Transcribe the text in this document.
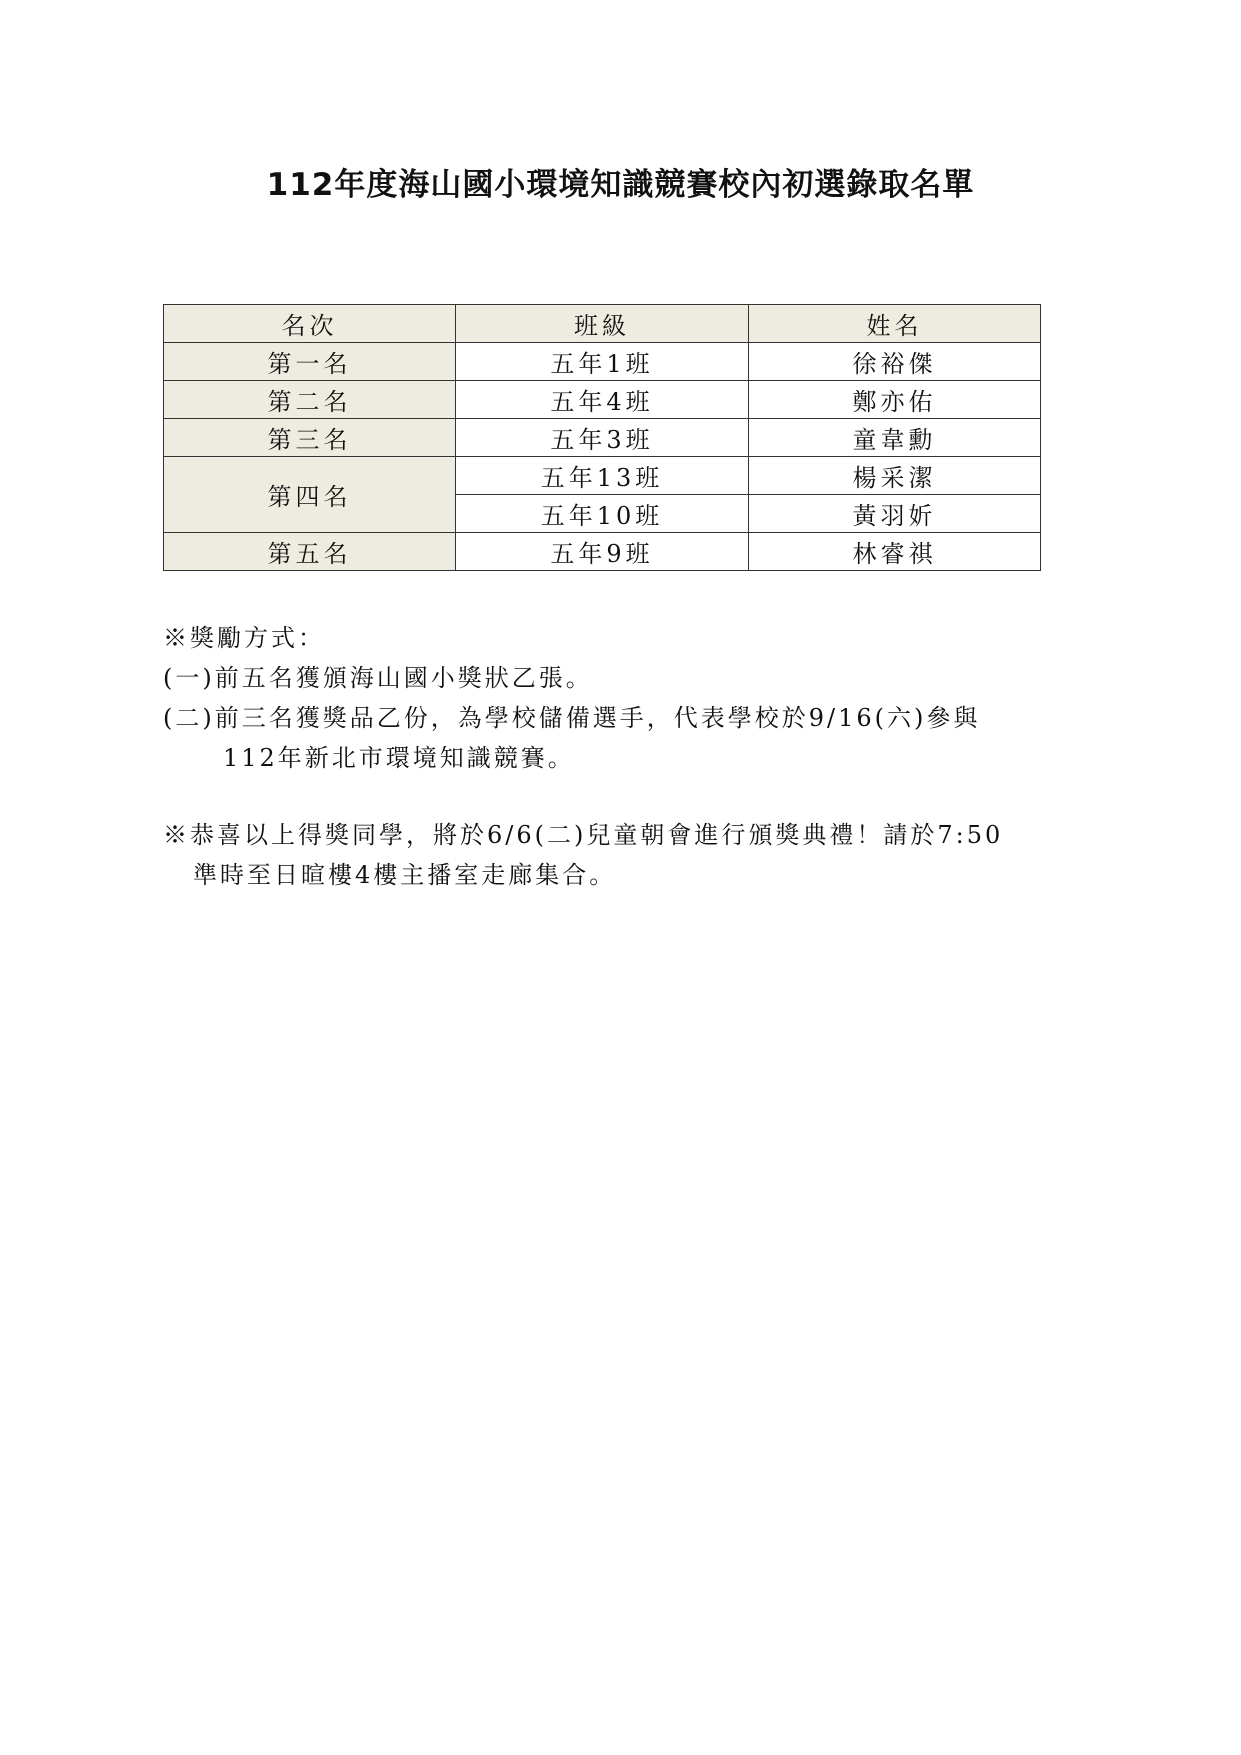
112年度海山國小環境知識競賽校內初選錄取名單
名次	班級	姓名
第一名	五年1班	徐裕傑
第二名	五年4班	鄭亦佑
第三名	五年3班	童韋勳
第四名	五年13班	楊采潔
	五年10班	黃羽妡
第五名	五年9班	林睿祺

※獎勵方式：

(一)前五名獲頒海山國小獎狀乙張。

(二)前三名獲獎品乙份，為學校儲備選手，代表學校於9/16(六)參與

112年新北市環境知識競賽。

※恭喜以上得獎同學，將於6/6(二)兒童朝會進行頒獎典禮！請於7:50

準時至日暄樓4樓主播室走廊集合。
